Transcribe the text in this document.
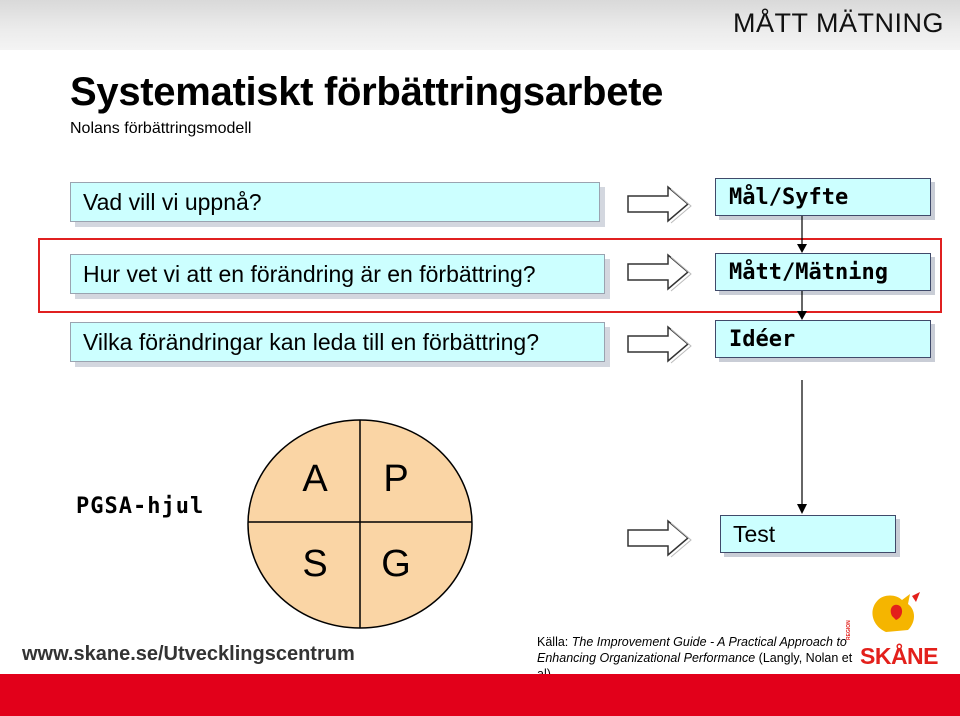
MÅTT MÄTNING
Systematiskt förbättringsarbete
Nolans förbättringsmodell
Vad vill vi uppnå?
Hur vet vi att en förändring är en förbättring?
Vilka förändringar kan leda till en förbättring?
Mål/Syfte
Mått/Mätning
Idéer
Test
PGSA-hjul
A	P
S	G
www.skane.se/Utvecklingscentrum
Källa: The Improvement Guide - A Practical Approach to Enhancing Organizational Performance (Langly, Nolan et
REGION
SKÅNE
